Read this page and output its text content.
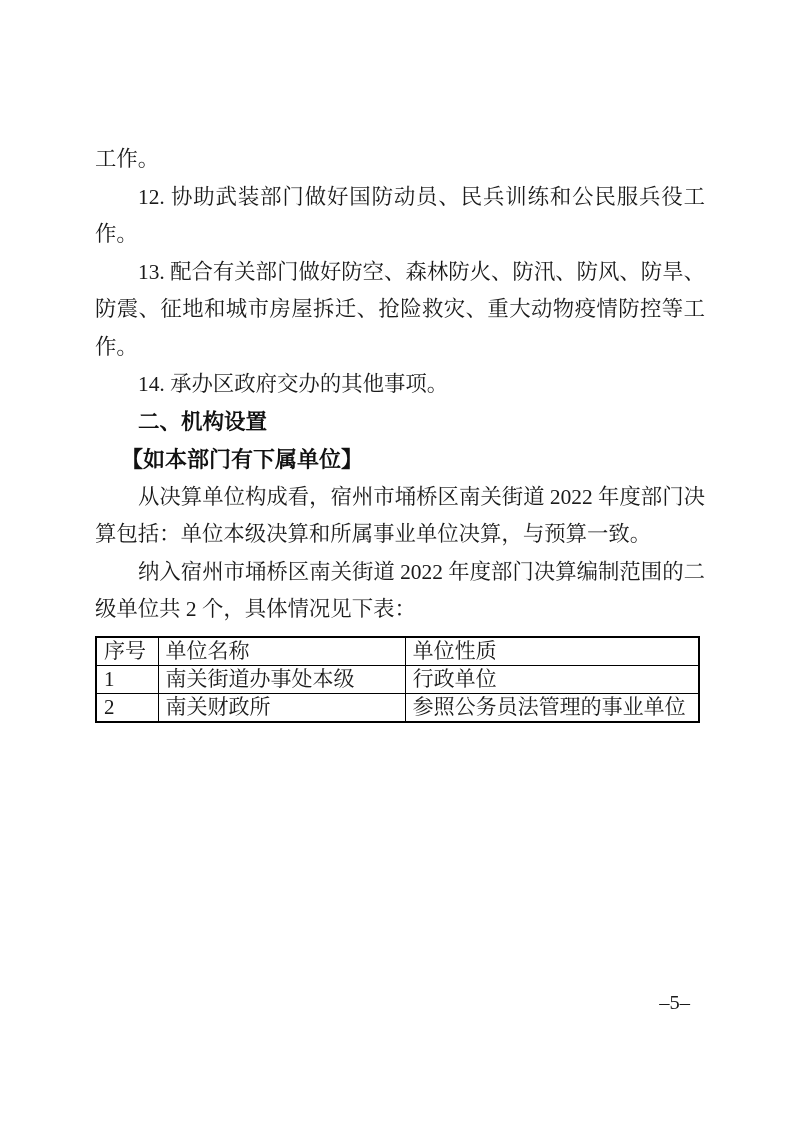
工作。

12. 协助武装部门做好国防动员、民兵训练和公民服兵役工作。

13. 配合有关部门做好防空、森林防火、防汛、防风、防旱、防震、征地和城市房屋拆迁、抢险救灾、重大动物疫情防控等工作。

14. 承办区政府交办的其他事项。

二、机构设置

【如本部门有下属单位】

从决算单位构成看，宿州市埇桥区南关街道 2022 年度部门决算包括：单位本级决算和所属事业单位决算，与预算一致。

纳入宿州市埇桥区南关街道 2022 年度部门决算编制范围的二级单位共 2 个，具体情况见下表：

序号	单位名称	单位性质
1	南关街道办事处本级	行政单位
2	南关财政所	参照公务员法管理的事业单位
–5–
